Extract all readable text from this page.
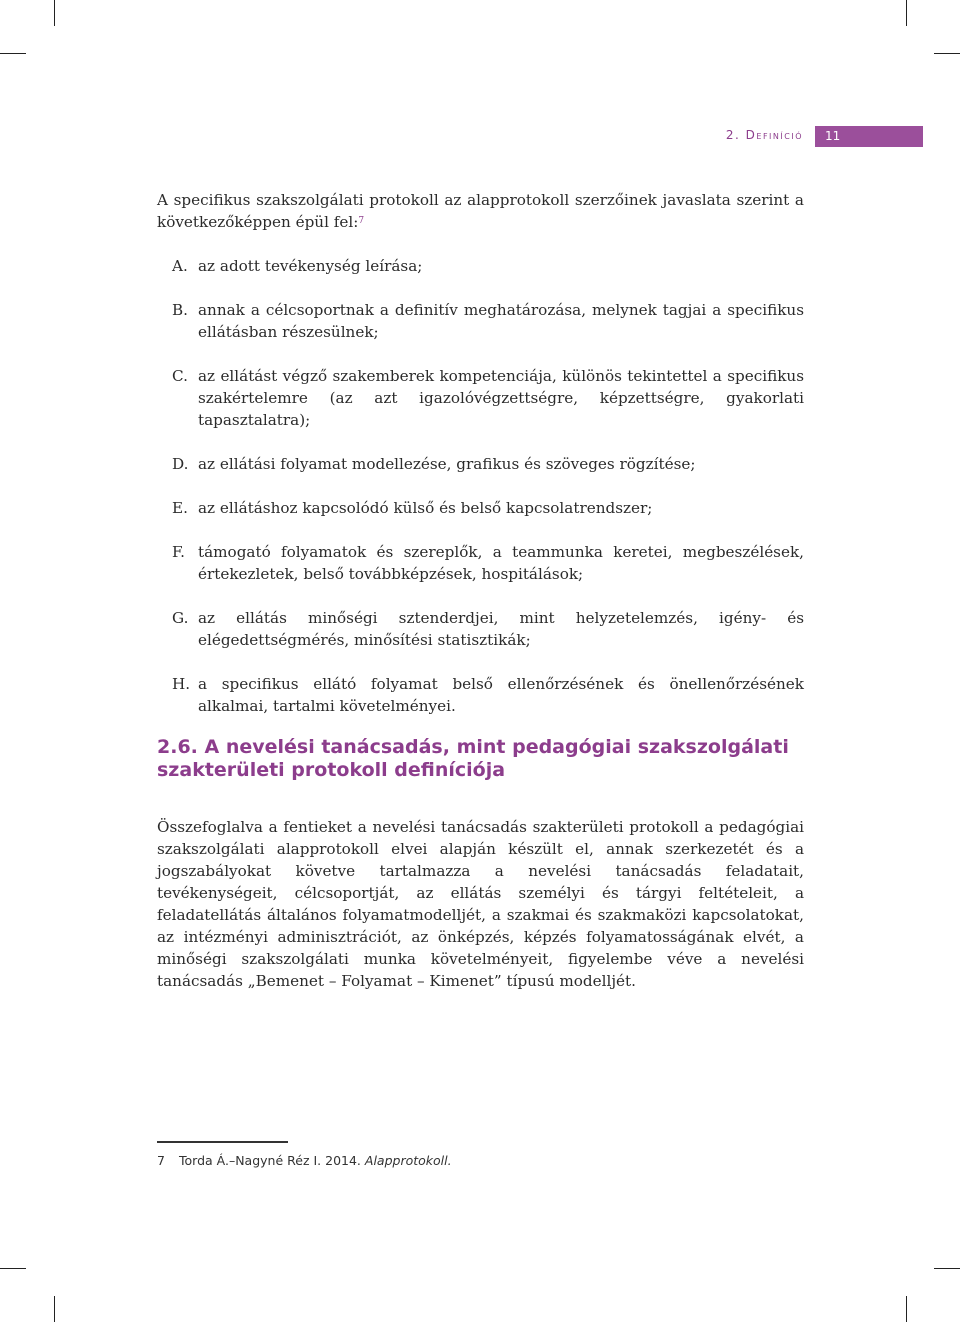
2. Definíció	11

A specifikus szakszolgálati protokoll az alapprotokoll szerzőinek javaslata szerint a következőképpen épül fel:$^7$

A. az adott tevékenység leírása;
B. annak a célcsoportnak a definitív meghatározása, melynek tagjai a specifikus ellátásban részesülnek;
C. az ellátást végző szakemberek kompetenciája, különös tekintettel a specifikus szakértelemre (az azt igazolóvégzettségre, képzettségre, gyakorlati tapasztalatra);
D. az ellátási folyamat modellezése, grafikus és szöveges rögzítése;
E. az ellátáshoz kapcsolódó külső és belső kapcsolatrendszer;
F. támogató folyamatok és szereplők, a teammunka keretei, megbeszélések, értekezletek, belső továbbképzések, hospitálások;
G. az ellátás minőségi sztenderdjei, mint helyzetelemzés, igény- és elégedettségmérés, minősítési statisztikák;
H. a specifikus ellátó folyamat belső ellenőrzésének és önellenőrzésének alkalmai, tartalmi követelményei.
2.6. A nevelési tanácsadás, mint pedagógiai szakszolgálati szakterületi protokoll definíciója

Összefoglalva a fentieket a nevelési tanácsadás szakterületi protokoll a pedagógiai szakszolgálati alapprotokoll elvei alapján készült el, annak szerkezetét és a jogszabályokat követve tartalmazza a nevelési tanácsadás feladatait, tevékenységeit, célcsoportját, az ellátás személyi és tárgyi feltételeit, a feladatellátás általános folyamatmodelljét, a szakmai és szakmaközi kapcsolatokat, az intézményi adminisztrációt, az önképzés, képzés folyamatosságának elvét, a minőségi szakszolgálati munka követelményeit, figyelembe véve a nevelési tanácsadás „Bemenet – Folyamat – Kimenet” típusú modelljét.

7 Torda Á.–Nagyné Réz I. 2014. Alapprotokoll.
